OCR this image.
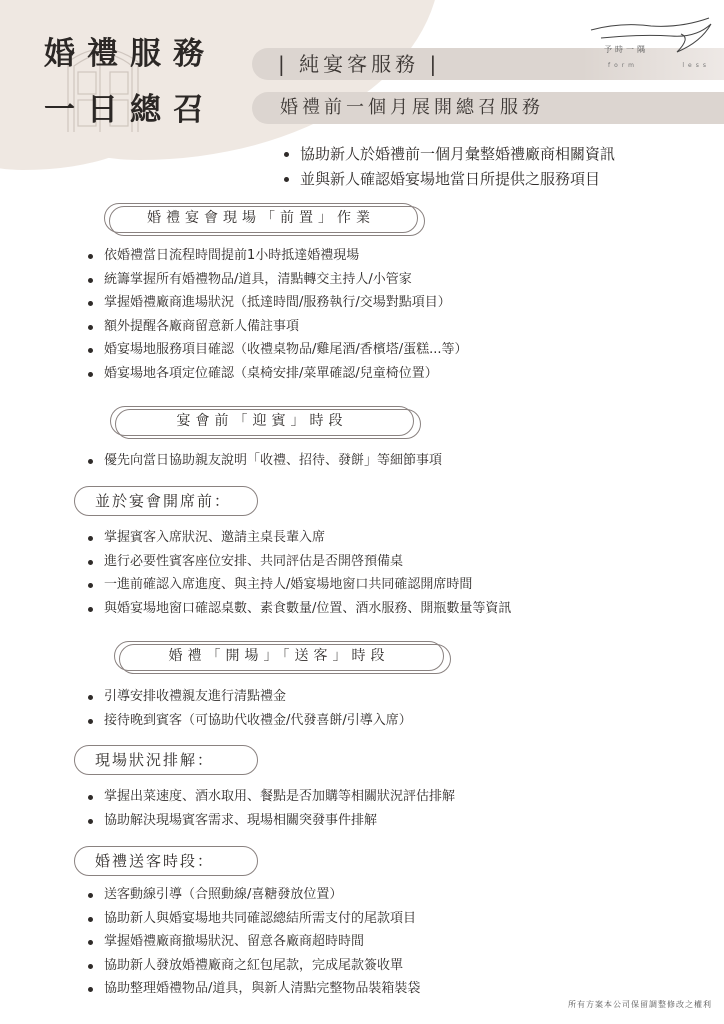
婚禮服務
一日總召
| 純宴客服務 |
婚禮前一個月展開總召服務
予時一隅
form	less
協助新人於婚禮前一個月彙整婚禮廠商相關資訊
並與新人確認婚宴場地當日所提供之服務項目
婚禮宴會現場「前置」作業
依婚禮當日流程時間提前1小時抵達婚禮現場
統籌掌握所有婚禮物品/道具，清點轉交主持人/小管家
掌握婚禮廠商進場狀況（抵達時間/服務執行/交場對點項目）
額外提醒各廠商留意新人備註事項
婚宴場地服務項目確認（收禮桌物品/雞尾酒/香檳塔/蛋糕...等）
婚宴場地各項定位確認（桌椅安排/菜單確認/兒童椅位置）
宴會前「迎賓」時段
優先向當日協助親友說明「收禮、招待、發餅」等細節事項
並於宴會開席前：
掌握賓客入席狀況、邀請主桌長輩入席
進行必要性賓客座位安排、共同評估是否開啓預備桌
一進前確認入席進度、與主持人/婚宴場地窗口共同確認開席時間
與婚宴場地窗口確認桌數、素食數量/位置、酒水服務、開瓶數量等資訊
婚禮「開場」「送客」時段
引導安排收禮親友進行清點禮金
接待晚到賓客（可協助代收禮金/代發喜餅/引導入席）
現場狀況排解：
掌握出菜速度、酒水取用、餐點是否加購等相關狀況評估排解
協助解決現場賓客需求、現場相關突發事件排解
婚禮送客時段：
送客動線引導（合照動線/喜糖發放位置）
協助新人與婚宴場地共同確認總結所需支付的尾款項目
掌握婚禮廠商撤場狀況、留意各廠商超時時間
協助新人發放婚禮廠商之紅包尾款，完成尾款簽收單
協助整理婚禮物品/道具，與新人清點完整物品裝箱裝袋
所有方案本公司保留調整修改之權利
